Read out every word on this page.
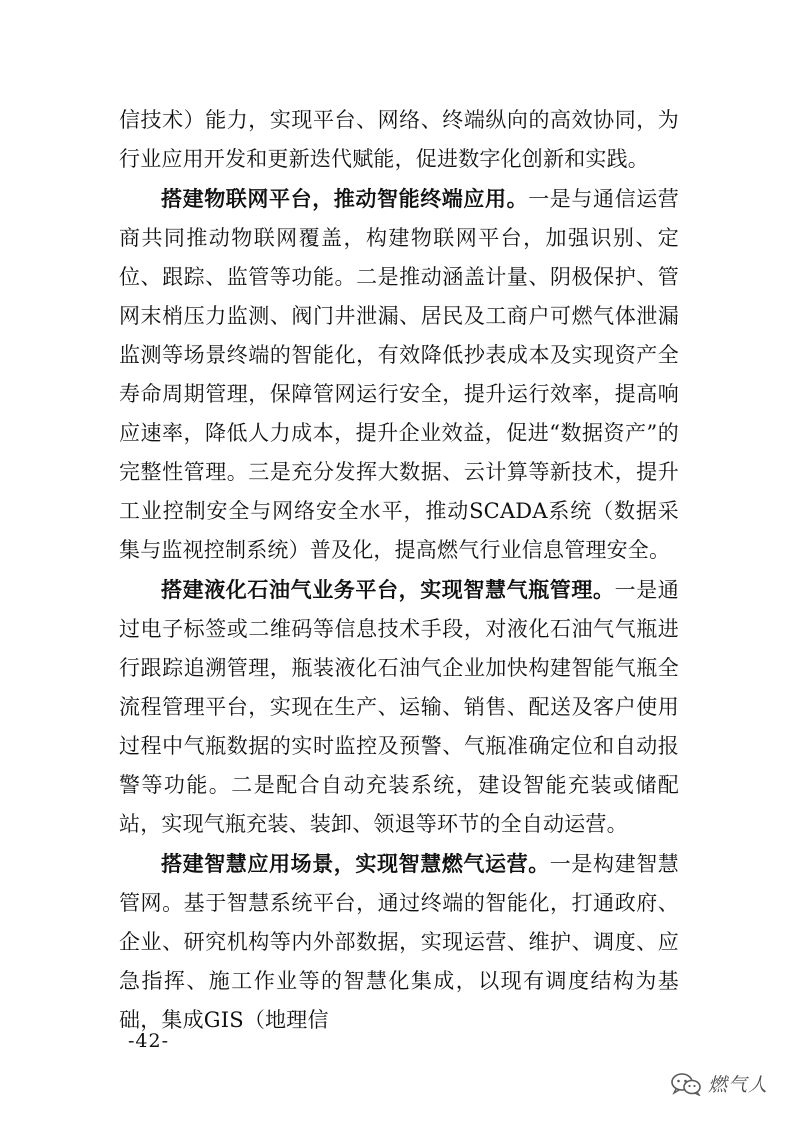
信技术）能力，实现平台、网络、终端纵向的高效协同，为行业应用开发和更新迭代赋能，促进数字化创新和实践。

搭建物联网平台，推动智能终端应用。一是与通信运营商共同推动物联网覆盖，构建物联网平台，加强识别、定位、跟踪、监管等功能。二是推动涵盖计量、阴极保护、管网末梢压力监测、阀门井泄漏、居民及工商户可燃气体泄漏监测等场景终端的智能化，有效降低抄表成本及实现资产全寿命周期管理，保障管网运行安全，提升运行效率，提高响应速率，降低人力成本，提升企业效益，促进“数据资产”的完整性管理。三是充分发挥大数据、云计算等新技术，提升工业控制安全与网络安全水平，推动SCADA系统（数据采集与监视控制系统）普及化，提高燃气行业信息管理安全。

搭建液化石油气业务平台，实现智慧气瓶管理。一是通过电子标签或二维码等信息技术手段，对液化石油气气瓶进行跟踪追溯管理，瓶装液化石油气企业加快构建智能气瓶全流程管理平台，实现在生产、运输、销售、配送及客户使用过程中气瓶数据的实时监控及预警、气瓶准确定位和自动报警等功能。二是配合自动充装系统，建设智能充装或储配站，实现气瓶充装、装卸、领退等环节的全自动运营。

搭建智慧应用场景，实现智慧燃气运营。一是构建智慧管网。基于智慧系统平台，通过终端的智能化，打通政府、企业、研究机构等内外部数据，实现运营、维护、调度、应急指挥、施工作业等的智慧化集成，以现有调度结构为基础，集成GIS（地理信

-42-
燃气人
